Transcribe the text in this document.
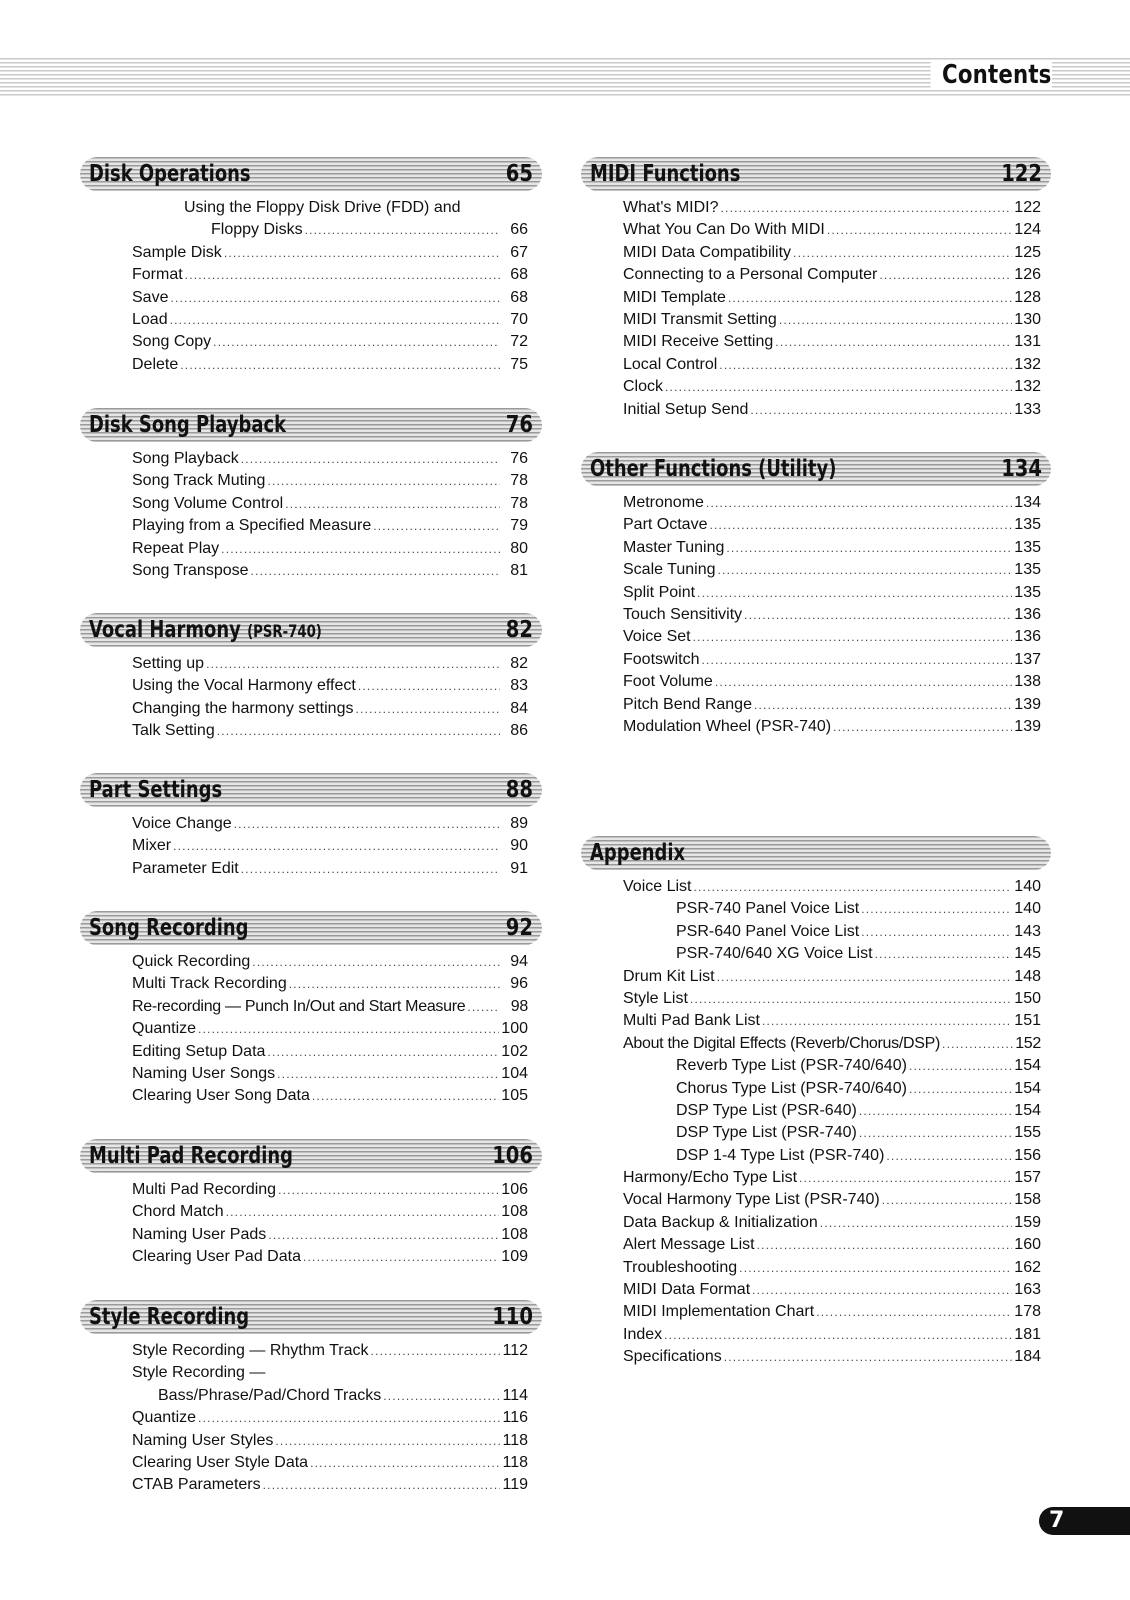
Contents
Disk Operations	65
Using the Floppy Disk Drive (FDD) and
Floppy Disks .....	66
Sample Disk .....	67
Format .....	68
Save .....	68
Load .....	70
Song Copy .....	72
Delete .....	75
Disk Song Playback	76
Song Playback .....	76
Song Track Muting .....	78
Song Volume Control .....	78
Playing from a Specified Measure .....	79
Repeat Play .....	80
Song Transpose .....	81
Vocal Harmony (PSR-740)	82
Setting up .....	82
Using the Vocal Harmony effect .....	83
Changing the harmony settings .....	84
Talk Setting .....	86
Part Settings	88
Voice Change .....	89
Mixer .....	90
Parameter Edit .....	91
Song Recording	92
Quick Recording .....	94
Multi Track Recording .....	96
Re-recording — Punch In/Out and Start Measure .....	98
Quantize .....	100
Editing Setup Data .....	102
Naming User Songs .....	104
Clearing User Song Data .....	105
Multi Pad Recording	106
Multi Pad Recording .....	106
Chord Match .....	108
Naming User Pads .....	108
Clearing User Pad Data .....	109
Style Recording	110
Style Recording — Rhythm Track .....	112
Style Recording —
Bass/Phrase/Pad/Chord Tracks .....	114
Quantize .....	116
Naming User Styles .....	118
Clearing User Style Data .....	118
CTAB Parameters .....	119
MIDI Functions	122
What's MIDI? .....	122
What You Can Do With MIDI .....	124
MIDI Data Compatibility .....	125
Connecting to a Personal Computer .....	126
MIDI Template .....	128
MIDI Transmit Setting .....	130
MIDI Receive Setting .....	131
Local Control .....	132
Clock .....	132
Initial Setup Send .....	133
Other Functions (Utility)	134
Metronome .....	134
Part Octave .....	135
Master Tuning .....	135
Scale Tuning .....	135
Split Point .....	135
Touch Sensitivity .....	136
Voice Set .....	136
Footswitch .....	137
Foot Volume .....	138
Pitch Bend Range .....	139
Modulation Wheel (PSR-740) .....	139
Appendix
Voice List .....	140
PSR-740 Panel Voice List .....	140
PSR-640 Panel Voice List .....	143
PSR-740/640 XG Voice List .....	145
Drum Kit List .....	148
Style List .....	150
Multi Pad Bank List .....	151
About the Digital Effects (Reverb/Chorus/DSP) .....	152
Reverb Type List (PSR-740/640) .....	154
Chorus Type List (PSR-740/640) .....	154
DSP Type List (PSR-640) .....	154
DSP Type List (PSR-740) .....	155
DSP 1-4 Type List (PSR-740) .....	156
Harmony/Echo Type List .....	157
Vocal Harmony Type List (PSR-740) .....	158
Data Backup & Initialization .....	159
Alert Message List .....	160
Troubleshooting .....	162
MIDI Data Format .....	163
MIDI Implementation Chart .....	178
Index .....	181
Specifications .....	184
7
